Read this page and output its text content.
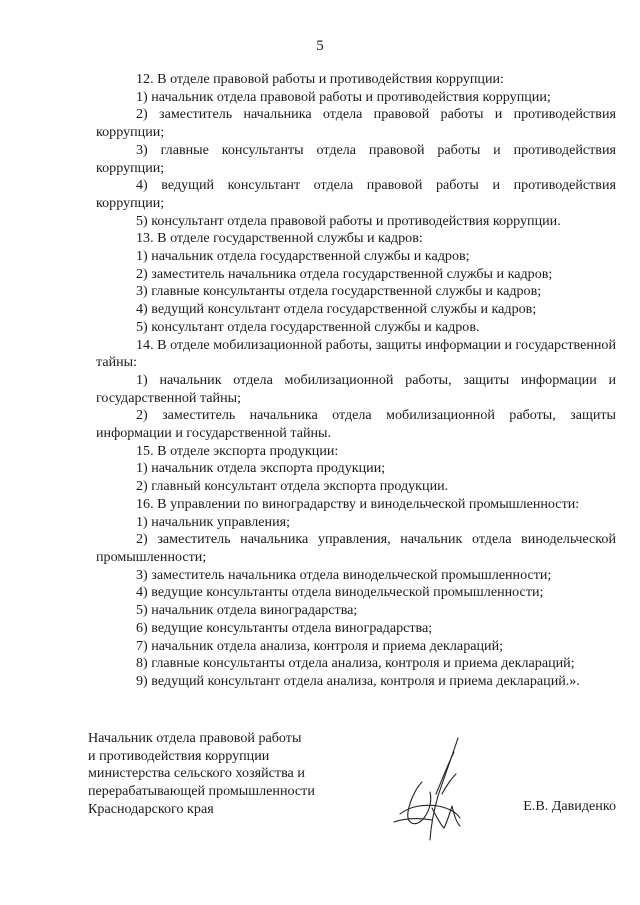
5

12. В отделе правовой работы и противодействия коррупции:

1) начальник отдела правовой работы и противодействия коррупции;

2) заместитель начальника отдела правовой работы и противодействия коррупции;

3) главные консультанты отдела правовой работы и противодействия коррупции;

4) ведущий консультант отдела правовой работы и противодействия коррупции;

5) консультант отдела правовой работы и противодействия коррупции.

13. В отделе государственной службы и кадров:

1) начальник отдела государственной службы и кадров;

2) заместитель начальника отдела государственной службы и кадров;

3) главные консультанты отдела государственной службы и кадров;

4) ведущий консультант отдела государственной службы и кадров;

5) консультант отдела государственной службы и кадров.

14. В отделе мобилизационной работы, защиты информации и государственной тайны:

1) начальник отдела мобилизационной работы, защиты информации и государственной тайны;

2) заместитель начальника отдела мобилизационной работы, защиты информации и государственной тайны.

15. В отделе экспорта продукции:

1) начальник отдела экспорта продукции;

2) главный консультант отдела экспорта продукции.

16. В управлении по виноградарству и винодельческой промышленности:

1) начальник управления;

2) заместитель начальника управления, начальник отдела винодельческой промышленности;

3) заместитель начальника отдела винодельческой промышленности;

4) ведущие консультанты отдела винодельческой промышленности;

5) начальник отдела виноградарства;

6) ведущие консультанты отдела виноградарства;

7) начальник отдела анализа, контроля и приема деклараций;

8) главные консультанты отдела анализа, контроля и приема деклараций;

9) ведущий консультант отдела анализа, контроля и приема деклараций.».

Начальник отдела правовой работы
и противодействия коррупции
министерства сельского хозяйства и
перерабатывающей промышленности
Краснодарского края	Е.В. Давиденко
